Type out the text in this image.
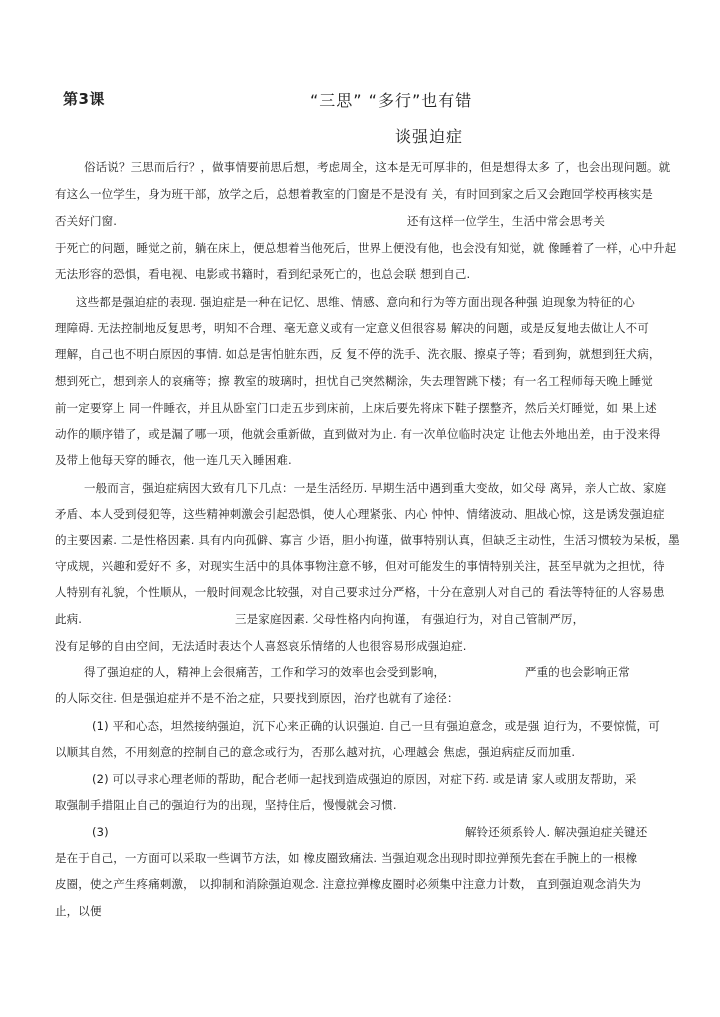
第3课	“三思” “多行”也有错
谈强迫症
俗话说？三思而后行？，做事情要前思后想，考虑周全，这本是无可厚非的，但是想得太多 了，也会出现问题。就
有这么一位学生，身为班干部，放学之后，总想着教室的门窗是不是没有 关，有时回到家之后又会跑回学校再核实是
否关好门窗.	还有这样一位学生，生活中常会思考关
于死亡的问题，睡觉之前，躺在床上，便总想着当他死后，世界上便没有他，也会没有知觉，就 像睡着了一样，心中升起
无法形容的恐惧，看电视、电影或书籍时，看到纪录死亡的，也总会联 想到自己.
这些都是强迫症的表现. 强迫症是一种在记忆、思维、情感、意向和行为等方面出现各种强 迫现象为特征的心
理障碍. 无法控制地反复思考，明知不合理、毫无意义或有一定意义但很容易 解决的问题，或是反复地去做让人不可
理解，自己也不明白原因的事情. 如总是害怕脏东西，反 复不停的洗手、洗衣服、擦桌子等；看到狗，就想到狂犬病，
想到死亡，想到亲人的哀痛等；擦 教室的玻璃时，担忧自己突然糊涂，失去理智跳下楼；有一名工程师每天晚上睡觉
前一定要穿上 同一件睡衣，并且从卧室门口走五步到床前，上床后要先将床下鞋子摆整齐，然后关灯睡觉，如 果上述
动作的顺序错了，或是漏了哪一项，他就会重新做，直到做对为止. 有一次单位临时决定 让他去外地出差，由于没来得
及带上他每天穿的睡衣，他一连几天入睡困难.
一般而言，强迫症病因大致有几下几点：一是生活经历. 早期生活中遇到重大变故，如父母 离异，亲人亡故、家庭
矛盾、本人受到侵犯等，这些精神刺激会引起恐惧，使人心理紧张、内心 忡忡、情绪波动、胆战心惊，这是诱发强迫症
的主要因素. 二是性格因素. 具有内向孤僻、寡言 少语，胆小拘谨，做事特别认真，但缺乏主动性，生活习惯较为呆板，墨
守成规，兴趣和爱好不 多，对现实生活中的具体事物注意不够，但对可能发生的事情特别关注，甚至早就为之担忧，待
人特别有礼貌，个性顺从，一般时间观念比较强，对自己要求过分严格，十分在意别人对自己的 看法等特征的人容易患
此病.	三是家庭因素. 父母性格内向拘谨， 有强迫行为，对自己管制严厉，
没有足够的自由空间，无法适时表达个人喜怒哀乐情绪的人也很容易形成强迫症.
得了强迫症的人，精神上会很痛苦，工作和学习的效率也会受到影响，	严重的也会影响正常
的人际交往. 但是强迫症并不是不治之症，只要找到原因，治疗也就有了途径：
(1) 平和心态，坦然接纳强迫，沉下心来正确的认识强迫. 自己一旦有强迫意念，或是强 迫行为，不要惊慌，可
以顺其自然，不用刻意的控制自己的意念或行为，否那么越对抗，心理越会 焦虑，强迫病症反而加重.
(2) 可以寻求心理老师的帮助，配合老师一起找到造成强迫的原因，对症下药. 或是请 家人或朋友帮助，采
取强制手措阻止自己的强迫行为的出现，坚持住后，慢慢就会习惯.
(3)	解铃还须系铃人. 解决强迫症关键还
是在于自己，一方面可以采取一些调节方法，如 橡皮圈致痛法. 当强迫观念出现时即拉弹预先套在手腕上的一根橡
皮圈，使之产生疼痛刺激， 以抑制和消除强迫观念. 注意拉弹橡皮圈时必须集中注意力计数， 直到强迫观念消失为
止，以便
